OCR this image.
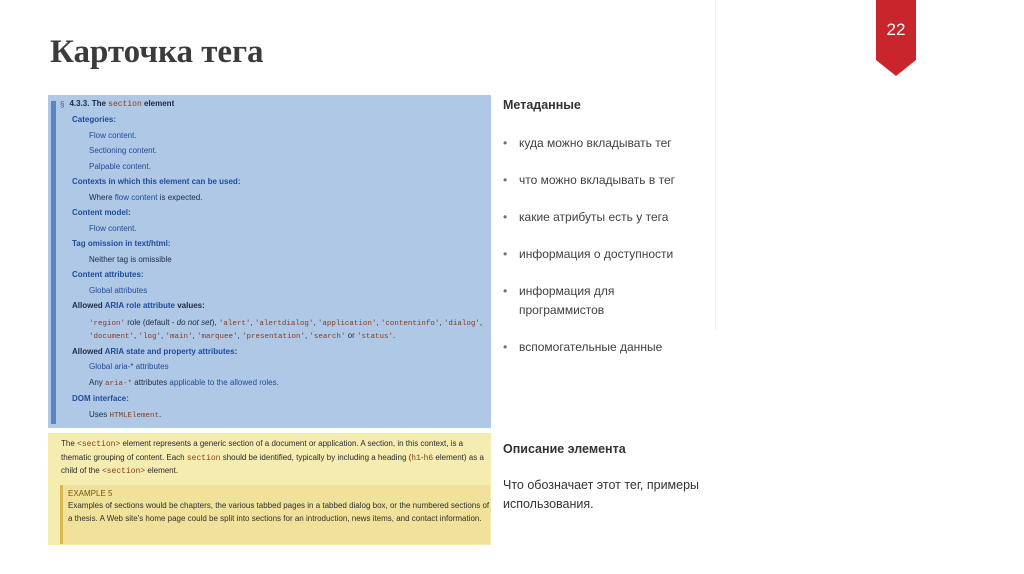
Карточка тега
22
§ 4.3.3. The section element
Categories:
Flow content.
Sectioning content.
Palpable content.
Contexts in which this element can be used:
Where flow content is expected.
Content model:
Flow content.
Tag omission in text/html:
Neither tag is omissible
Content attributes:
Global attributes
Allowed ARIA role attribute values:
'region' role (default - do not set), 'alert', 'alertdialog', 'application', 'contentinfo', 'dialog', 'document', 'log', 'main', 'marquee', 'presentation', 'search' or 'status'.
Allowed ARIA state and property attributes:
Global aria-* attributes
Any aria-* attributes applicable to the allowed roles.
DOM interface:
Uses HTMLElement.
The <section> element represents a generic section of a document or application. A section, in this context, is a thematic grouping of content. Each section should be identified, typically by including a heading (h1-h6 element) as a child of the <section> element.
EXAMPLE 5
Examples of sections would be chapters, the various tabbed pages in a tabbed dialog box, or the numbered sections of a thesis. A Web site's home page could be split into sections for an introduction, news items, and contact information.
Метаданные
• куда можно вкладывать тег
• что можно вкладывать в тег
• какие атрибуты есть у тега
• информация о доступности
• информация для программистов
• вспомогательные данные
Описание элемента
Что обозначает этот тег, примеры использования.
